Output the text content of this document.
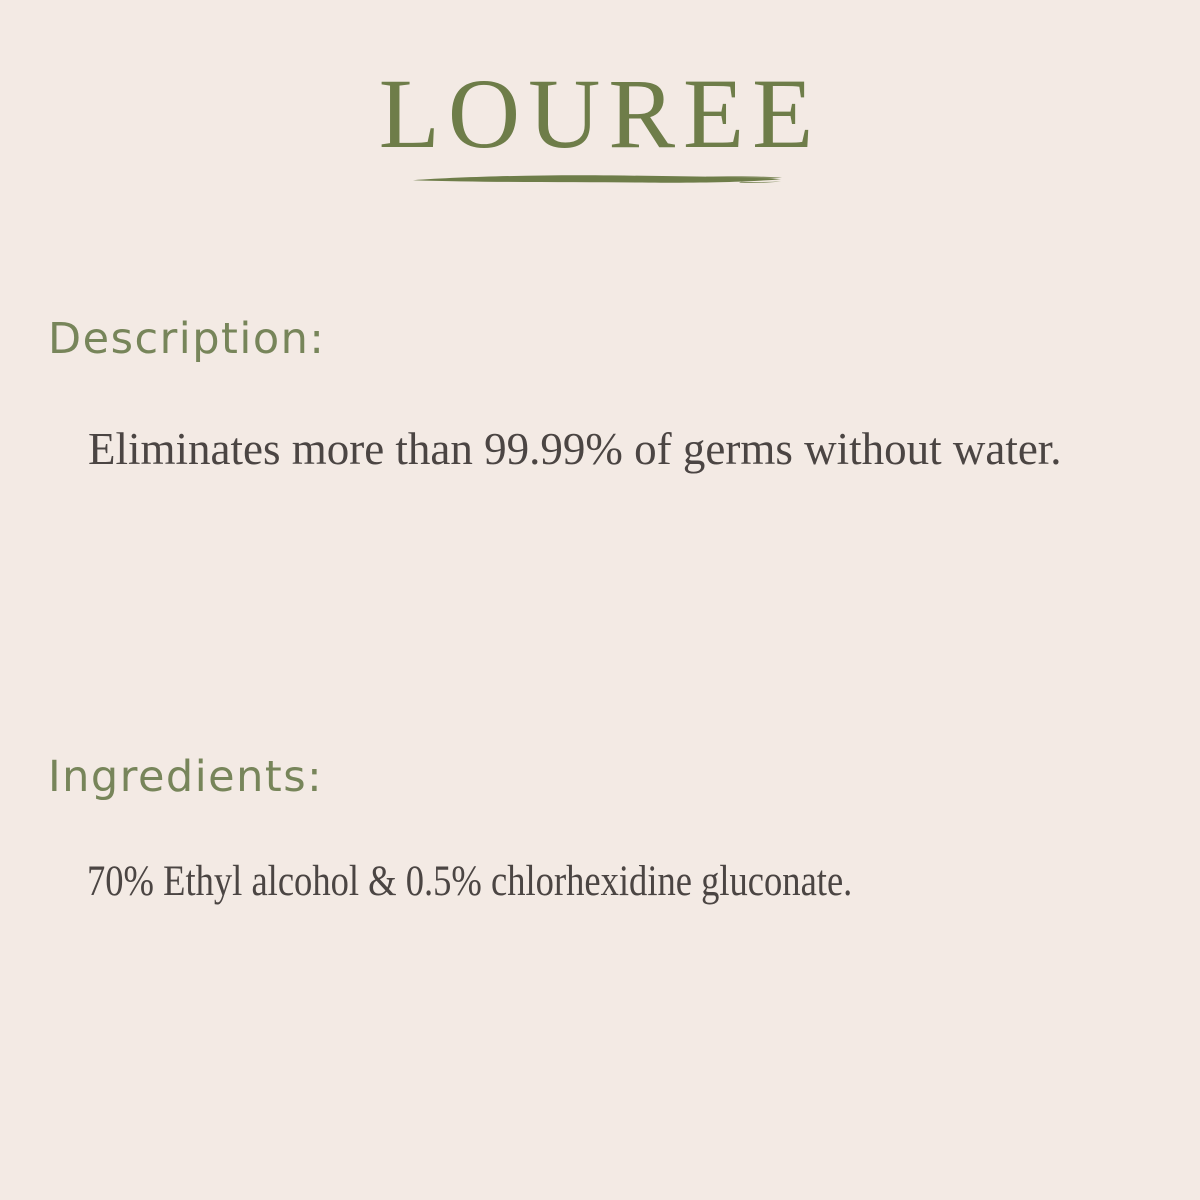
LOUREE
Description:
Eliminates more than 99.99% of germs without water.
Ingredients:
70% Ethyl alcohol & 0.5% chlorhexidine gluconate.
